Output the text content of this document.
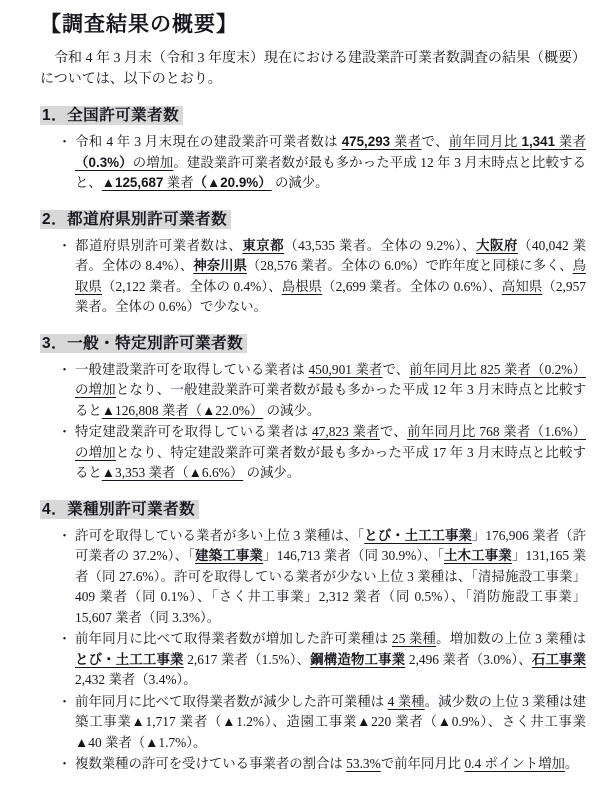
【調査結果の概要】

令和 4 年 3 月末（令和 3 年度末）現在における建設業許可業者数調査の結果（概要）については、以下のとおり。

1．全国許可業者数
・ 令和 4 年 3 月末現在の建設業許可業者数は 475,293 業者で、前年同月比 1,341 業者（0.3%）の増加。建設業許可業者数が最も多かった平成 12 年 3 月末時点と比較すると、▲125,687 業者（▲20.9%） の減少。
2．都道府県別許可業者数
・ 都道府県別許可業者数は、東京都（43,535 業者。全体の 9.2%）、大阪府（40,042 業者。全体の 8.4%）、神奈川県（28,576 業者。全体の 6.0%）で昨年度と同様に多く、鳥取県（2,122 業者。全体の 0.4%）、島根県（2,699 業者。全体の 0.6%）、高知県（2,957 業者。全体の 0.6%）で少ない。
3．一般・特定別許可業者数
・ 一般建設業許可を取得している業者は 450,901 業者で、前年同月比 825 業者（0.2%）の増加となり、一般建設業許可業者数が最も多かった平成 12 年 3 月末時点と比較すると▲126,808 業者（▲22.0%） の減少。
・ 特定建設業許可を取得している業者は 47,823 業者で、前年同月比 768 業者（1.6%）の増加となり、特定建設業許可業者数が最も多かった平成 17 年 3 月末時点と比較すると▲3,353 業者（▲6.6%） の減少。
4．業種別許可業者数
・ 許可を取得している業者が多い上位 3 業種は、「とび・土工工事業」176,906 業者（許可業者の 37.2%）、「建築工事業」146,713 業者（同 30.9%）、「土木工事業」131,165 業者（同 27.6%）。許可を取得している業者が少ない上位 3 業種は、「清掃施設工事業」409 業者（同 0.1%）、「さく井工事業」2,312 業者（同 0.5%）、「消防施設工事業」15,607 業者（同 3.3%）。
・ 前年同月に比べて取得業者数が増加した許可業種は 25 業種。増加数の上位 3 業種はとび・土工工事業 2,617 業者（1.5%）、鋼構造物工事業 2,496 業者（3.0%）、石工事業 2,432 業者（3.4%）。
・ 前年同月に比べて取得業者数が減少した許可業種は 4 業種。減少数の上位 3 業種は建築工事業▲1,717 業者（▲1.2%）、造園工事業▲220 業者（▲0.9%）、さく井工事業▲40 業者（▲1.7%）。
・ 複数業種の許可を受けている事業者の割合は 53.3%で前年同月比 0.4 ポイント増加。
